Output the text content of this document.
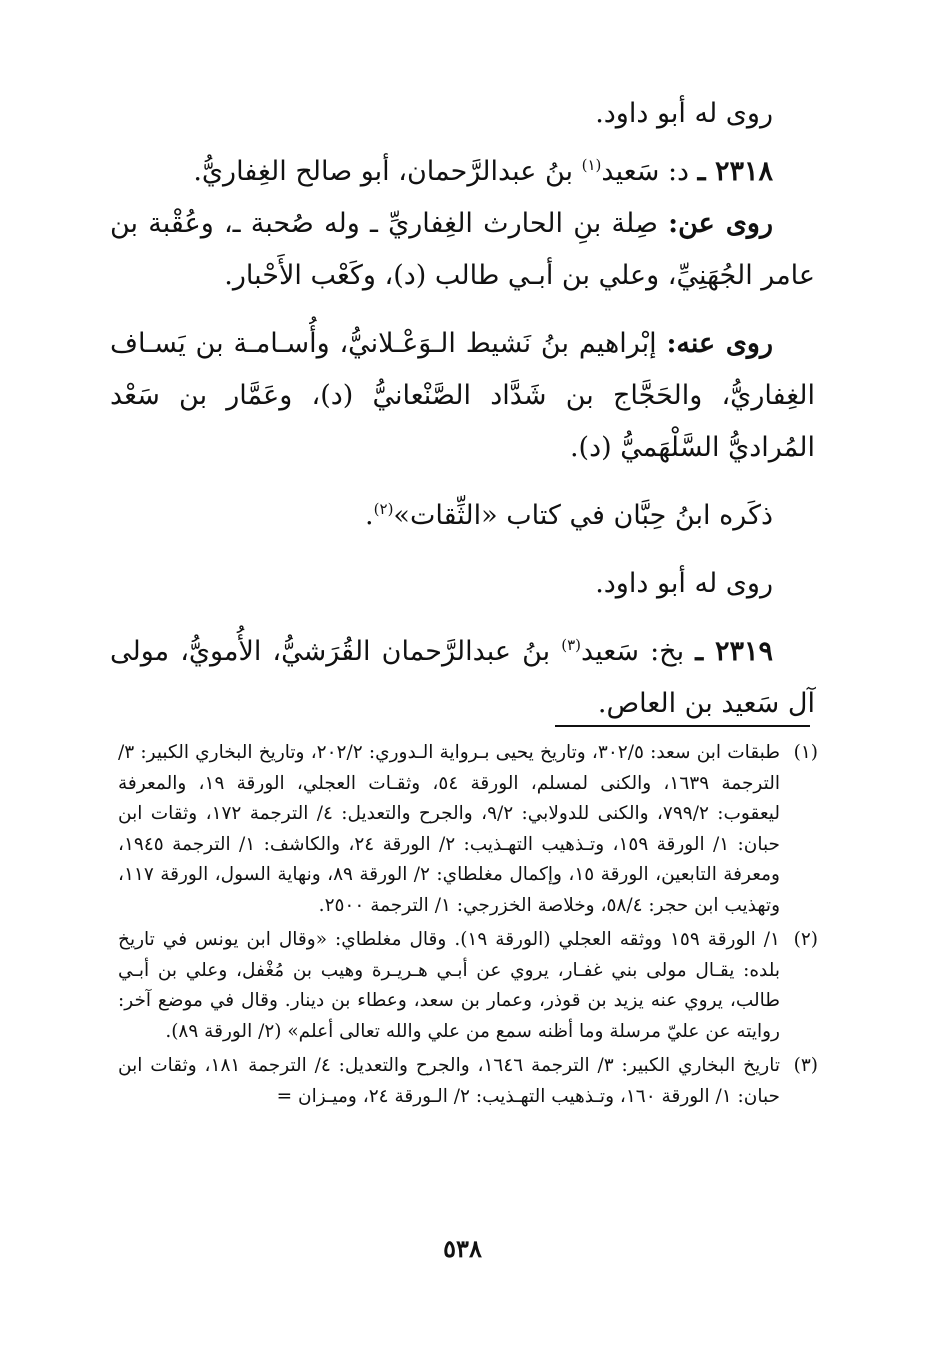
روى له أبو داود.

٢٣١٨ ـ د: سَعيد$^{(١)}$ بنُ عبدالرَّحمان، أبو صالح الغِفاريُّ.

روى عن: صِلة بنِ الحارث الغِفاريِّ ـ وله صُحبة ـ، وعُقْبة بن عامر الجُهَنِيِّ، وعلي بن أبـي طالب (د)، وكَعْب الأَحْبار.

روى عنه: إبْراهيم بنُ نَشيط الـوَعْـلانيُّ، وأُسـامـة بن يَسـاف الغِفاريُّ، والحَجَّاج بن شَدَّاد الصَّنْعانيُّ (د)، وعَمَّار بن سَعْد المُراديُّ السَّلْهَميُّ (د).

ذكَره ابنُ حِبَّان في كتاب «الثِّقات»$^{(٢)}$.

روى له أبو داود.

٢٣١٩ ـ بخ: سَعيد$^{(٣)}$ بنُ عبدالرَّحمان القُرَشيُّ، الأُمويُّ، مولى آل سَعيد بن العاص.

(١)
طبقات ابن سعد: ٣٠٢/٥، وتاريخ يحيى بـرواية الـدوري: ٢٠٢/٢، وتاريخ البخاري الكبير: ٣/ الترجمة ١٦٣٩، والكنى لمسلم، الورقة ٥٤، وثقـات العجلي، الورقة ١٩، والمعرفة ليعقوب: ٧٩٩/٢، والكنى للدولابي: ٩/٢، والجرح والتعديل: ٤/ الترجمة ١٧٢، وثقات ابن حبان: ١/ الورقة ١٥٩، وتـذهيب التهـذيب: ٢/ الورقة ٢٤، والكاشف: ١/ الترجمة ١٩٤٥، ومعرفة التابعين، الورقة ١٥، وإكمال مغلطاي: ٢/ الورقة ٨٩، ونهاية السول، الورقة ١١٧، وتهذيب ابن حجر: ٥٨/٤، وخلاصة الخزرجي: ١/ الترجمة ٢٥٠٠.
(٢)
١/ الورقة ١٥٩ ووثقه العجلي (الورقة ١٩). وقال مغلطاي: «وقال ابن يونس في تاريخ بلده: يقـال مولى بني غفـار، يروي عن أبـي هـريـرة وهيب بن مُغْفل، وعلي بن أبـي طالب، يروي عنه يزيد بن قوذر، وعمار بن سعد، وعطاء بن دينار. وقال في موضع آخر: روايته عن عليّ مرسلة وما أظنه سمع من علي والله تعالى أعلم» (٢/ الورقة ٨٩).
(٣)
تاريخ البخاري الكبير: ٣/ الترجمة ١٦٤٦، والجرح والتعديل: ٤/ الترجمة ١٨١، وثقات ابن حبان: ١/ الورقة ١٦٠، وتـذهيب التهـذيب: ٢/ الـورقة ٢٤، وميـزان =
٥٣٨
